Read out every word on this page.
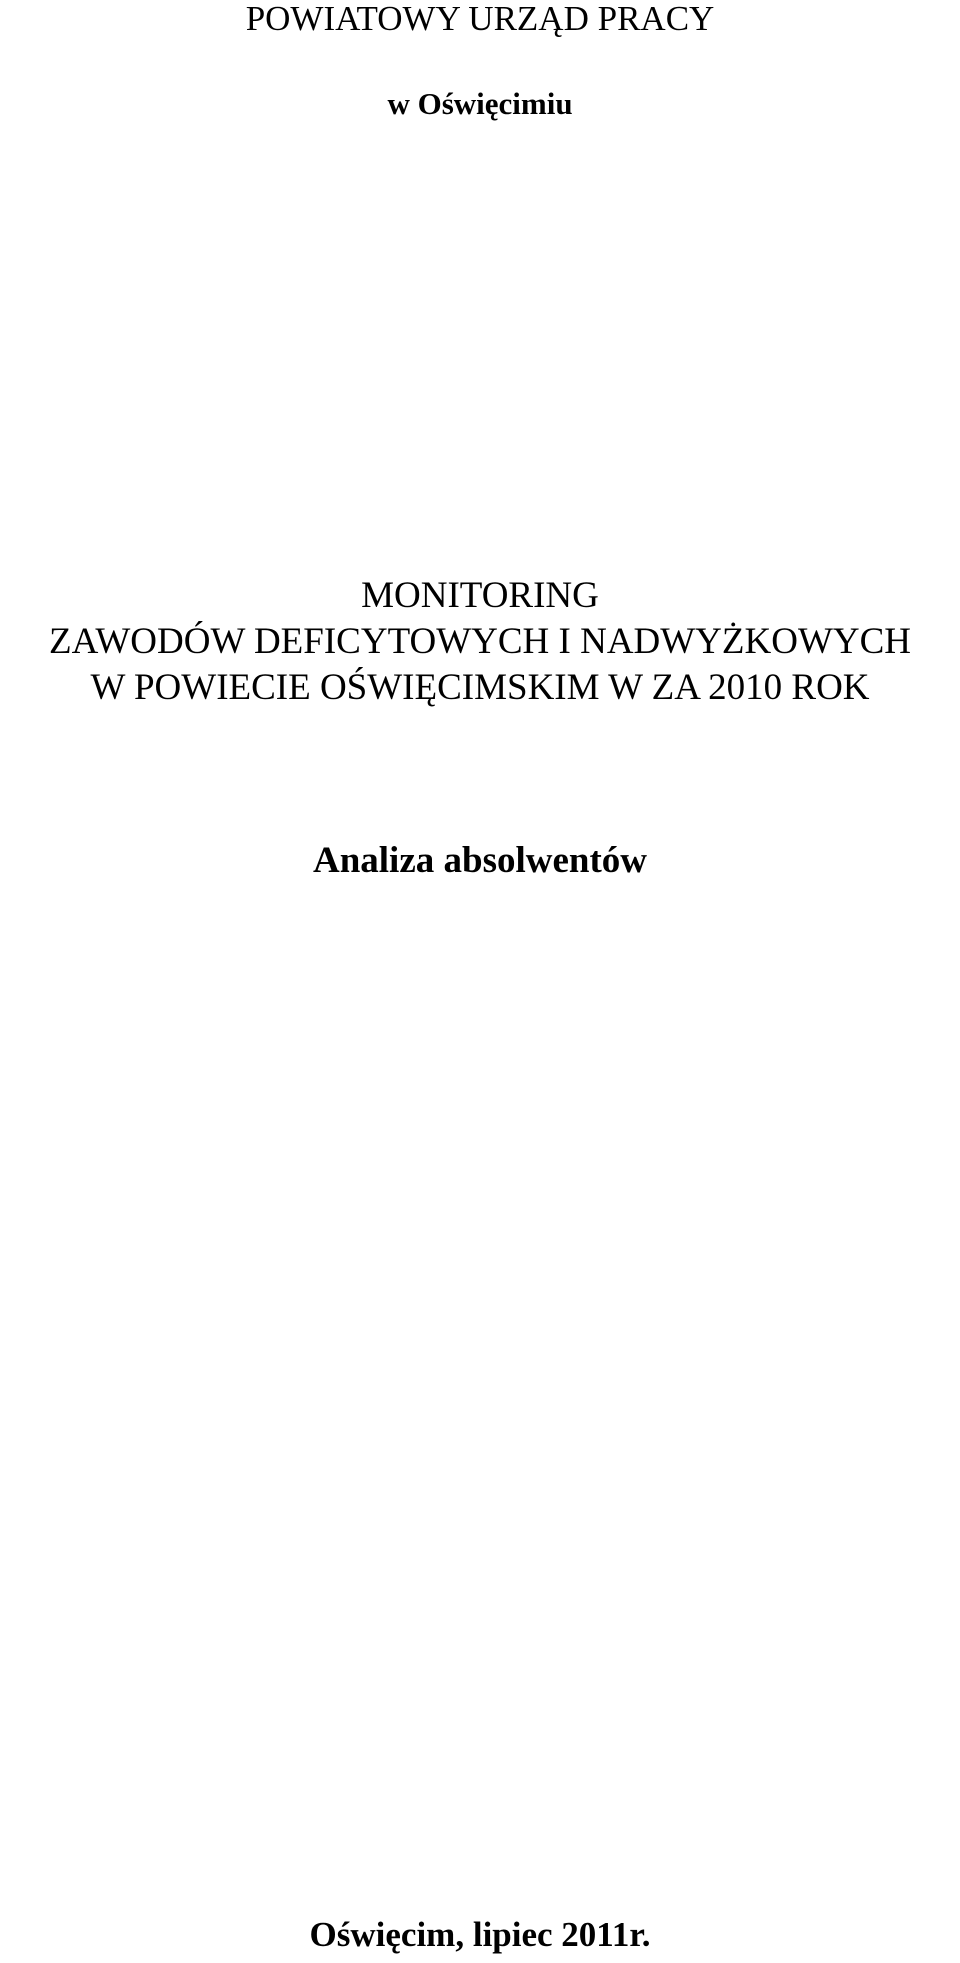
POWIATOWY URZĄD PRACY
w Oświęcimiu
MONITORING
ZAWODÓW DEFICYTOWYCH I NADWYŻKOWYCH
W POWIECIE OŚWIĘCIMSKIM W ZA 2010 ROK
Analiza absolwentów
Oświęcim, lipiec 2011r.
